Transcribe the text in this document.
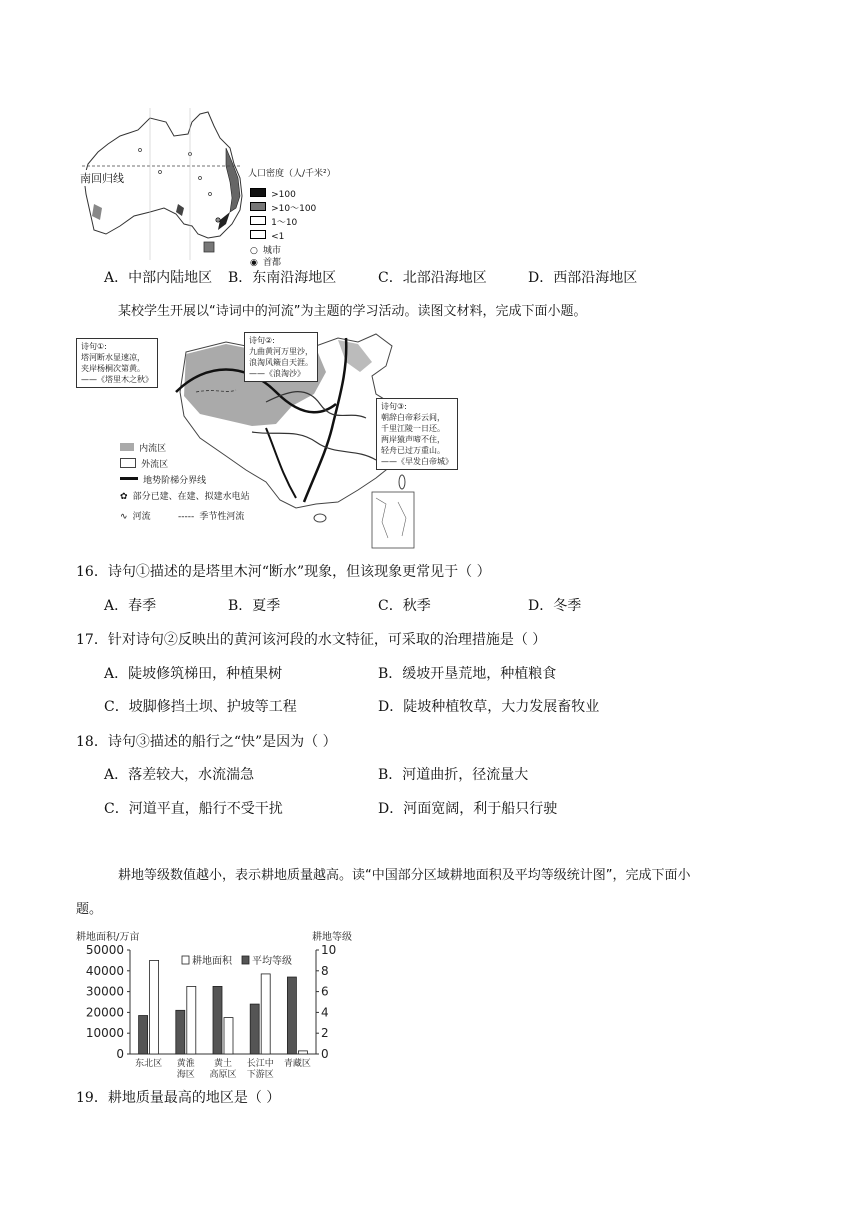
南回归线	人口密度（人/千米²）
>100
>10～100
1～10
<1
○ 城市
◉ 首都
A．中部内陆地区 B．东南沿海地区	C．北部沿海地区	D．西部沿海地区
某校学生开展以“诗词中的河流”为主题的学习活动。读图文材料，完成下面小题。
诗句①:
塔河断水显速凉，
夹岸杨桐次第黄。
——《塔里木之秋》
诗句②:
九曲黄河万里沙，
浪淘风簸自天涯。
——《浪淘沙》
诗句③:
朝辞白帝彩云间，
千里江陵一日还。
两岸猿声啼不住，
轻舟已过万重山。
——《早发白帝城》
内流区
外流区
地势阶梯分界线
✿ 部分已建、在建、拟建水电站
∿ 河流	----- 季节性河流
16．诗句①描述的是塔里木河“断水”现象，但该现象更常见于（ ）
A．春季	B．夏季	C．秋季	D．冬季
17．针对诗句②反映出的黄河该河段的水文特征，可采取的治理措施是（ ）
A．陡坡修筑梯田，种植果树	B．缓坡开垦荒地，种植粮食
C．坡脚修挡土坝、护坡等工程	D．陡坡种植牧草，大力发展畜牧业
18．诗句③描述的船行之“快”是因为（ ）
A．落差较大，水流湍急	B．河道曲折，径流量大
C．河道平直，船行不受干扰	D．河面宽阔，利于船只行驶
耕地等级数值越小，表示耕地质量越高。读“中国部分区域耕地面积及平均等级统计图”，完成下面小
题。
耕地面积/万亩	耕地等级
50000
40000
30000
20000
10000
0
10
8
6
4
2
0
耕地面积 平均等级
东北区 黄淮
海区
黄土
高原区
长江中
下游区
青藏区
19．耕地质量最高的地区是（ ）
